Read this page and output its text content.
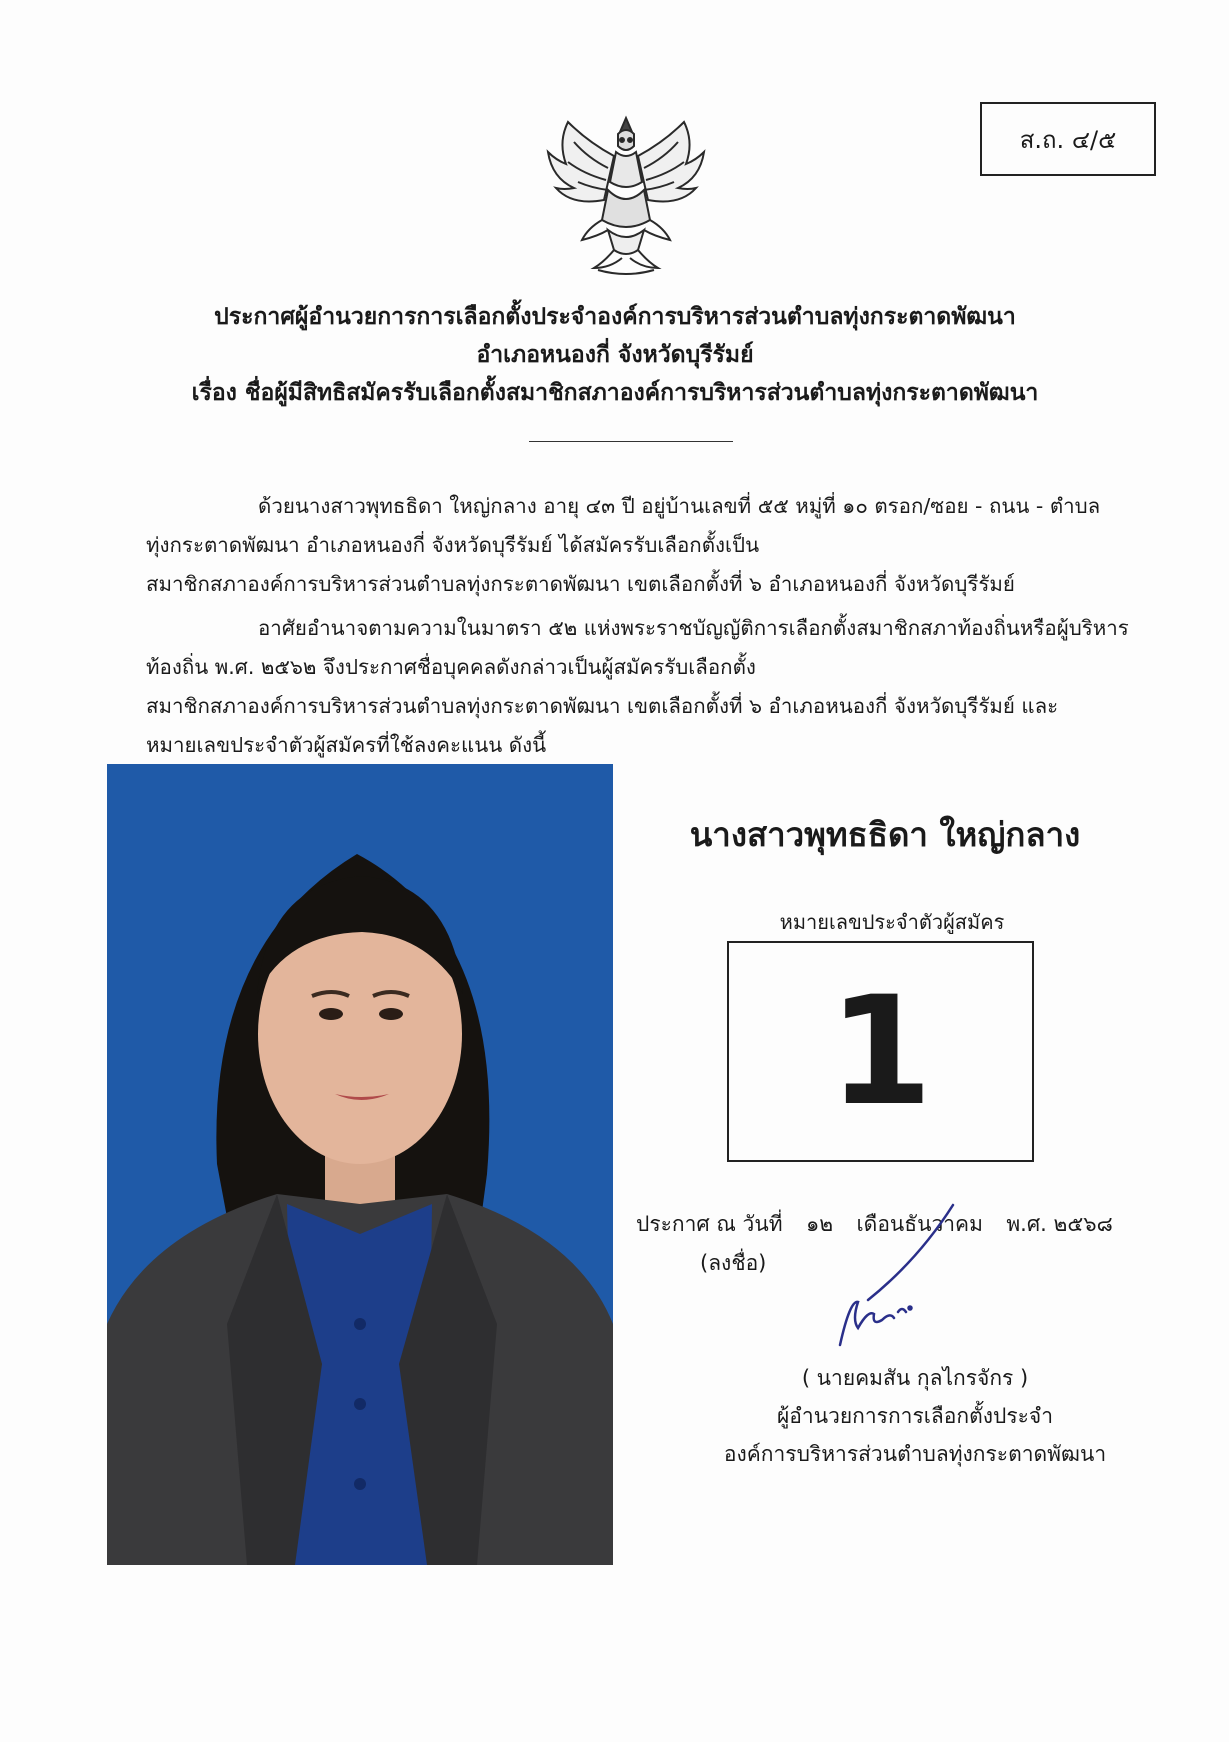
ส.ถ. ๔/๕
ประกาศผู้อำนวยการการเลือกตั้งประจำองค์การบริหารส่วนตำบลทุ่งกระตาดพัฒนา
อำเภอหนองกี่ จังหวัดบุรีรัมย์
เรื่อง ชื่อผู้มีสิทธิสมัครรับเลือกตั้งสมาชิกสภาองค์การบริหารส่วนตำบลทุ่งกระตาดพัฒนา
ด้วยนางสาวพุทธธิดา ใหญ่กลาง อายุ ๔๓ ปี อยู่บ้านเลขที่ ๕๕ หมู่ที่ ๑๐ ตรอก/ซอย - ถนน - ตำบล
ทุ่งกระตาดพัฒนา อำเภอหนองกี่ จังหวัดบุรีรัมย์ ได้สมัครรับเลือกตั้งเป็น
สมาชิกสภาองค์การบริหารส่วนตำบลทุ่งกระตาดพัฒนา เขตเลือกตั้งที่ ๖ อำเภอหนองกี่ จังหวัดบุรีรัมย์
อาศัยอำนาจตามความในมาตรา ๕๒ แห่งพระราชบัญญัติการเลือกตั้งสมาชิกสภาท้องถิ่นหรือผู้บริหาร
ท้องถิ่น พ.ศ. ๒๕๖๒ จึงประกาศชื่อบุคคลดังกล่าวเป็นผู้สมัครรับเลือกตั้ง
สมาชิกสภาองค์การบริหารส่วนตำบลทุ่งกระตาดพัฒนา เขตเลือกตั้งที่ ๖ อำเภอหนองกี่ จังหวัดบุรีรัมย์ และ
หมายเลขประจำตัวผู้สมัครที่ใช้ลงคะแนน ดังนี้
นางสาวพุทธธิดา ใหญ่กลาง
หมายเลขประจำตัวผู้สมัคร
1
ประกาศ ณ วันที่ ๑๒ เดือนธันวาคม พ.ศ. ๒๕๖๘
(ลงชื่อ)
( นายคมสัน กุลไกรจักร )
ผู้อำนวยการการเลือกตั้งประจำ
องค์การบริหารส่วนตำบลทุ่งกระตาดพัฒนา
